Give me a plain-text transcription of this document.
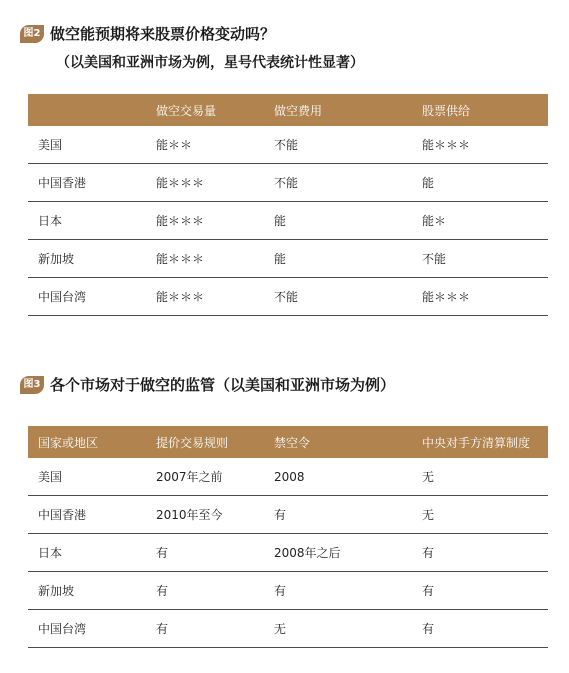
图2 做空能预期将来股票价格变动吗？
（以美国和亚洲市场为例，星号代表统计性显著）
	做空交易量	做空费用	股票供给
美国	能＊＊	不能	能＊＊＊
中国香港	能＊＊＊	不能	能
日本	能＊＊＊	能	能＊
新加坡	能＊＊＊	能	不能
中国台湾	能＊＊＊	不能	能＊＊＊
图3 各个市场对于做空的监管（以美国和亚洲市场为例）
国家或地区	提价交易规则	禁空令	中央对手方清算制度
美国	2007年之前	2008	无
中国香港	2010年至今	有	无
日本	有	2008年之后	有
新加坡	有	有	有
中国台湾	有	无	有
